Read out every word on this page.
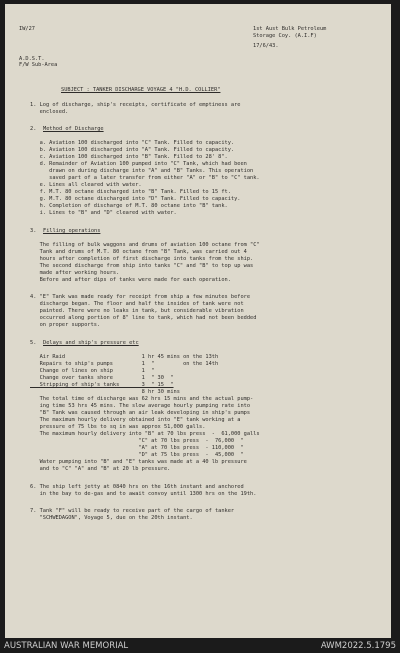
IW/27	1st Aust Bulk Petroleum
Storage Coy. (A.I.F)
17/6/43.
A.D.S.T.
F/W Sub-Area
SUBJECT : TANKER DISCHARGE VOYAGE 4 "H.D. COLLIER"
1. Log of discharge, ship's receipts, certificate of emptiness are
enclosed.
2. Method of Discharge
a. Aviation 100 discharged into "C" Tank. Filled to capacity.
b. Aviation 100 discharged into "A" Tank. Filled to capacity.
c. Aviation 100 discharged into "B" Tank. Filled to 28' 8".
d. Remainder of Aviation 100 pumped into "C" Tank, which had been
drawn on during discharge into "A" and "B" Tanks. This operation
saved part of a later transfer from either "A" or "B" to "C" tank.
e. Lines all cleared with water.
f. M.T. 80 octane discharged into "B" Tank. Filled to 15 ft.
g. M.T. 80 octane discharged into "D" Tank. Filled to capacity.
h. Completion of discharge of M.T. 80 octane into "B" tank.
i. Lines to "B" and "D" cleared with water.
3. Filling operations
The filling of bulk waggons and drums of aviation 100 octane from "C"
Tank and drums of M.T. 80 octane from "B" Tank, was carried out 4
hours after completion of first discharge into tanks from the ship.
The second discharge from ship into tanks "C" and "B" to top up was
made after working hours.
Before and after dips of tanks were made for each operation.
4. "E" Tank was made ready for receipt from ship a few minutes before
discharge began. The floor and half the insides of tank were not
painted. There were no leaks in tank, but considerable vibration
occurred along portion of 8" line to tank, which had not been bedded
on proper supports.
5. Delays and ship's pressure etc
Air Raid                        1 hr 45 mins on the 13th
Repairs to ship's pumps         1  "         on the 14th
Change of lines on ship         1  "
Change over tanks shore         1  " 30  "
Stripping of ship's tanks       3  " 15  "
8 hr 30 mins
The total time of discharge was 62 hrs 15 mins and the actual pump-
ing time 53 hrs 45 mins. The slow average hourly pumping rate into
"B" Tank was caused through an air leak developing in ship's pumps
The maximum hourly delivery obtained into "E" tank working at a
pressure of 75 lbs to sq in was approx 51,000 galls.
The maximum hourly delivery into "B" at 70 lbs press  -  61,000 galls
"C" at 70 lbs press  -  76,000  "
"A" at 70 lbs press  - 110,000  "
"D" at 75 lbs press  -  45,000  "
Water pumping into "B" and "E" tanks was made at a 40 lb pressure
and to "C" "A" and "B" at 20 lb pressure.
6. The ship left jetty at 0840 hrs on the 16th instant and anchored
in the bay to de-gas and to await convoy until 1300 hrs on the 19th.
7. Tank "F" will be ready to receive part of the cargo of tanker
"SCHWEDAGON", Voyage 5, due on the 20th instant.
AUSTRALIAN WAR MEMORIAL	AWM2022.5.1795
